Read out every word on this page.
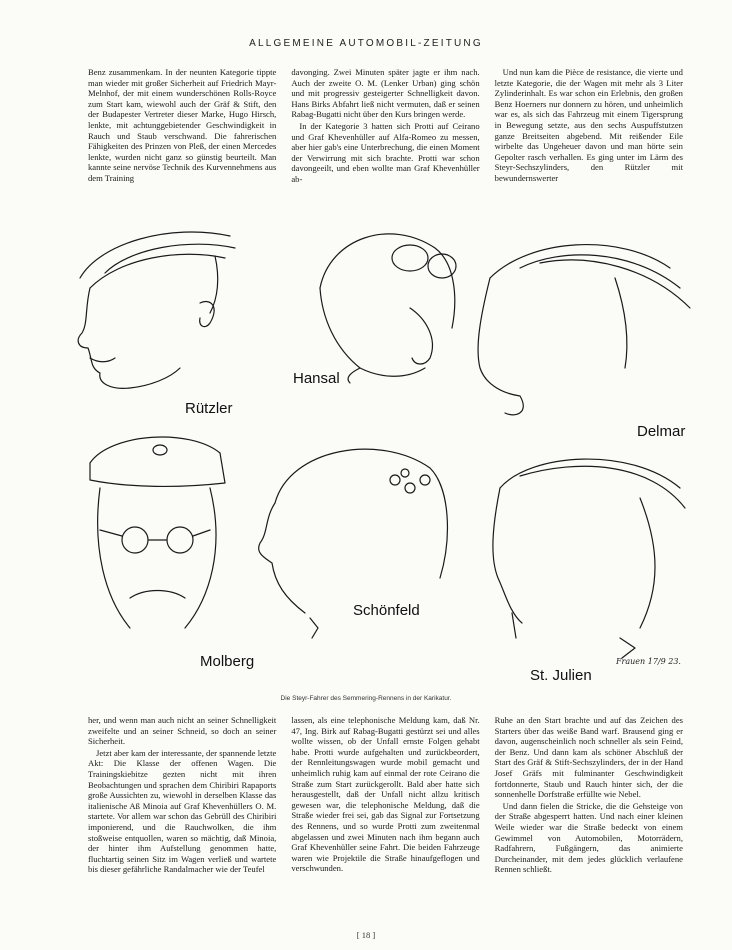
ALLGEMEINE AUTOMOBIL-ZEITUNG

Benz zusammenkam. In der neunten Kategorie tippte man wieder mit großer Sicherheit auf Friedrich Mayr-Melnhof, der mit einem wunderschönen Rolls-Royce zum Start kam, wiewohl auch der Gräf & Stift, den der Budapester Vertreter dieser Marke, Hugo Hirsch, lenkte, mit achtunggebietender Geschwindigkeit in Rauch und Staub verschwand. Die fahrerischen Fähigkeiten des Prinzen von Pleß, der einen Mercedes lenkte, wurden nicht ganz so günstig beurteilt. Man kannte seine nervöse Technik des Kurvennehmens aus dem Training

davonging. Zwei Minuten später jagte er ihm nach. Auch der zweite O. M. (Lenker Urban) ging schön und mit progressiv gesteigerter Schnelligkeit davon. Hans Birks Abfahrt ließ nicht vermuten, daß er seinen Rabag-Bugatti nicht über den Kurs bringen werde.

In der Kategorie 3 hatten sich Protti auf Ceirano und Graf Khevenhüller auf Alfa-Romeo zu messen, aber hier gab's eine Unterbrechung, die einen Moment der Verwirrung mit sich brachte. Protti war schon davongeeilt, und eben wollte man Graf Khevenhüller ab-

Und nun kam die Pièce de resistance, die vierte und letzte Kategorie, die der Wagen mit mehr als 3 Liter Zylinderinhalt. Es war schon ein Erlebnis, den großen Benz Hoerners nur donnern zu hören, und unheimlich war es, als sich das Fahrzeug mit einem Tigersprung in Bewegung setzte, aus den sechs Auspuffstutzen ganze Breitseiten abgebend. Mit reißender Eile wirbelte das Ungeheuer davon und man hörte sein Gepolter rasch verhallen. Es ging unter im Lärm des Steyr-Sechszylinders, den Rützler mit bewundernswerter

Rützler
Hansal
Delmar
Molberg
Schönfeld
St. Julien
Frauen 17/9 23.
Die Steyr-Fahrer des Semmering-Rennens in der Karikatur.

her, und wenn man auch nicht an seiner Schnelligkeit zweifelte und an seiner Schneid, so doch an seiner Sicherheit.

Jetzt aber kam der interessante, der spannende letzte Akt: Die Klasse der offenen Wagen. Die Trainingskiebitze gezten nicht mit ihren Beobachtungen und sprachen dem Chiribiri Rapaports große Aussichten zu, wiewohl in derselben Klasse das italienische Aß Minoia auf Graf Khevenhüllers O. M. startete. Vor allem war schon das Gebrüll des Chiribiri imponierend, und die Rauchwolken, die ihm stoßweise entquollen, waren so mächtig, daß Minoia, der hinter ihm Aufstellung genommen hatte, fluchtartig seinen Sitz im Wagen verließ und wartete bis dieser gefährliche Randalmacher wie der Teufel

lassen, als eine telephonische Meldung kam, daß Nr. 47, Ing. Birk auf Rabag-Bugatti gestürzt sei und alles wollte wissen, ob der Unfall ernste Folgen gehabt habe. Protti wurde aufgehalten und zurückbeordert, der Rennleitungswagen wurde mobil gemacht und unheimlich ruhig kam auf einmal der rote Ceirano die Straße zum Start zurückgerollt. Bald aber hatte sich herausgestellt, daß der Unfall nicht allzu kritisch gewesen war, die telephonische Meldung, daß die Straße wieder frei sei, gab das Signal zur Fortsetzung des Rennens, und so wurde Protti zum zweitenmal abgelassen und zwei Minuten nach ihm begann auch Graf Khevenhüller seine Fahrt. Die beiden Fahrzeuge waren wie Projektile die Straße hinaufgeflogen und verschwunden.

Ruhe an den Start brachte und auf das Zeichen des Starters über das weiße Band warf. Brausend ging er davon, augenscheinlich noch schneller als sein Feind, der Benz. Und dann kam als schöner Abschluß der Start des Gräf & Stift-Sechszylinders, der in der Hand Josef Gräfs mit fulminanter Geschwindigkeit fortdonnerte, Staub und Rauch hinter sich, der die sonnenhelle Dorfstraße erfüllte wie Nebel.

Und dann fielen die Stricke, die die Gehsteige von der Straße abgesperrt hatten. Und nach einer kleinen Weile wieder war die Straße bedeckt von einem Gewimmel von Automobilen, Motorrädern, Radfahrern, Fußgängern, das animierte Durcheinander, mit dem jedes glücklich verlaufene Rennen schließt.

[ 18 ]
